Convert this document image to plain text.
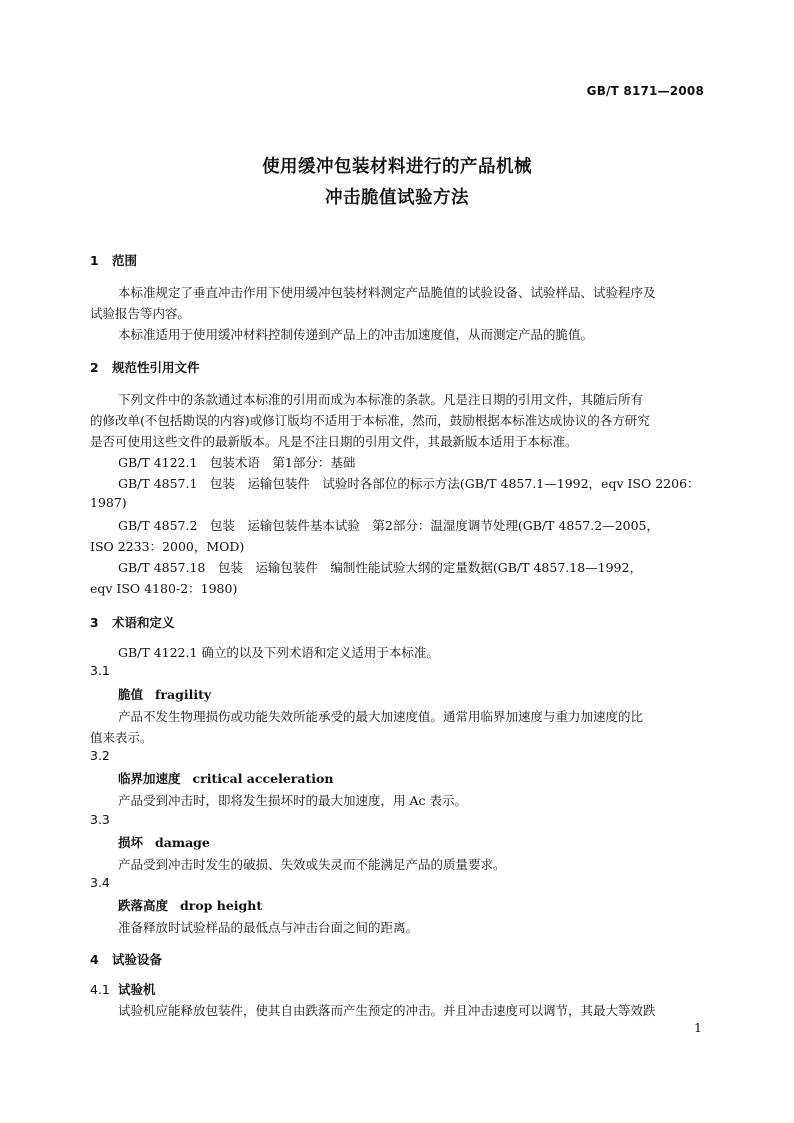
GB/T 8171—2008
使用缓冲包装材料进行的产品机械
冲击脆值试验方法
1 范围
本标准规定了垂直冲击作用下使用缓冲包装材料测定产品脆值的试验设备、试验样品、试验程序及
试验报告等内容。
本标准适用于使用缓冲材料控制传递到产品上的冲击加速度值，从而测定产品的脆值。
2 规范性引用文件
下列文件中的条款通过本标准的引用而成为本标准的条款。凡是注日期的引用文件，其随后所有
的修改单(不包括勘误的内容)或修订版均不适用于本标准，然而，鼓励根据本标准达成协议的各方研究
是否可使用这些文件的最新版本。凡是不注日期的引用文件，其最新版本适用于本标准。
GB/T 4122.1　包装术语　第1部分：基础
GB/T 4857.1　包装　运输包装件　试验时各部位的标示方法(GB/T 4857.1—1992，eqv ISO 2206：
1987)
GB/T 4857.2　包装　运输包装件基本试验　第2部分：温湿度调节处理(GB/T 4857.2—2005，
ISO 2233：2000，MOD)
GB/T 4857.18　包装　运输包装件　编制性能试验大纲的定量数据(GB/T 4857.18—1992，
eqv ISO 4180-2：1980)
3 术语和定义
GB/T 4122.1 确立的以及下列术语和定义适用于本标准。
3.1
脆值 fragility
产品不发生物理损伤或功能失效所能承受的最大加速度值。通常用临界加速度与重力加速度的比
值来表示。
3.2
临界加速度 critical acceleration
产品受到冲击时，即将发生损坏时的最大加速度，用 Ac 表示。
3.3
损坏 damage
产品受到冲击时发生的破损、失效或失灵而不能满足产品的质量要求。
3.4
跌落高度 drop height
准备释放时试验样品的最低点与冲击台面之间的距离。
4 试验设备
4.1 试验机
试验机应能释放包装件，使其自由跌落而产生预定的冲击。并且冲击速度可以调节，其最大等效跌
1
